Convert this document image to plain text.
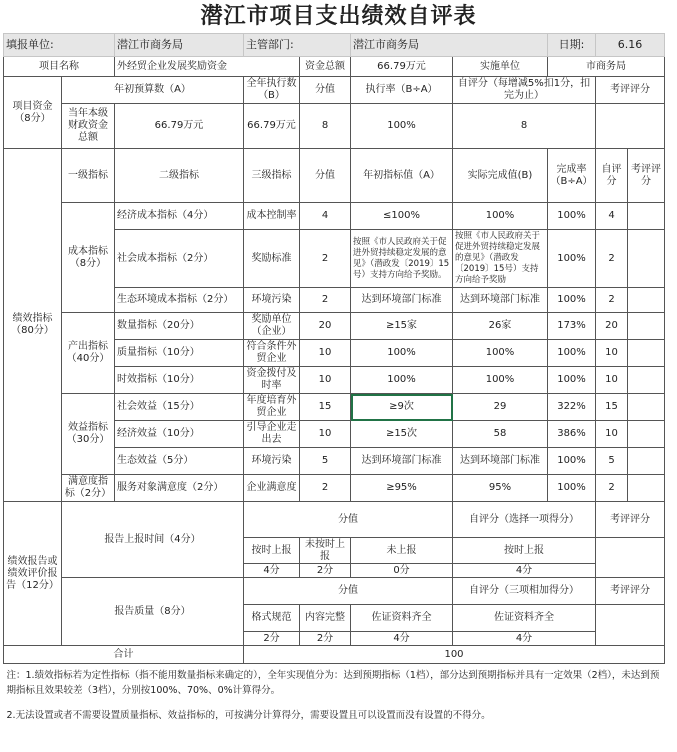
潜江市项目支出绩效自评表
填报单位:		潜江市商务局	主管部门:		潜江市商务局		日期:	6.16	
项目名称		外经贸企业发展奖励资金		资金总额	66.79万元	实施单位	市商务局		
项目资金（8分）	年初预算数（A）		全年执行数（B）	分值	执行率（B÷A）	自评分（每增减5%扣1分，扣完为止）		考评评分	
	当年本级财政资金总额	66.79万元	66.79万元	8	100%	8			
绩效指标（80分）	一级指标	二级指标	三级指标	分值	年初指标值（A）	实际完成值(B)	完成率（B÷A）	自评分	考评评分
	成本指标（8分）	经济成本指标（4分）	成本控制率	4	≤100%	100%	100%	4	
		社会成本指标（2分）	奖励标准	2	按照《市人民政府关于促进外贸持续稳定发展的意见》（潜政发〔2019〕15号）支持方向给予奖励。	按照《市人民政府关于促进外贸持续稳定发展的意见》（潜政发〔2019〕15号）支持方向给予奖励	100%	2	
		生态环境成本指标（2分）	环境污染	2	达到环境部门标准	达到环境部门标准	100%	2	
	产出指标（40分）	数量指标（20分）	奖励单位（企业）	20	≥15家	26家	173%	20	
		质量指标（10分）	符合条件外贸企业	10	100%	100%	100%	10	
		时效指标（10分）	资金拨付及时率	10	100%	100%	100%	10	
	效益指标（30分）	社会效益（15分）	年度培育外贸企业	15	≥9次	29	322%	15	
		经济效益（10分）	引导企业走出去	10	≥15次	58	386%	10	
		生态效益（5分）	环境污染	5	达到环境部门标准	达到环境部门标准	100%	5	
	满意度指标（2分）	服务对象满意度（2分）	企业满意度	2	≥95%	95%	100%	2	
绩效报告或绩效评价报告（12分）	报告上报时间（4分）		分值			自评分（选择一项得分）		考评评分	
			按时上报	未按时上报	未上报	按时上报			
			4分	2分	0分	4分			
	报告质量（8分）		分值			自评分（三项相加得分）		考评评分	
			格式规范	内容完整	佐证资料齐全	佐证资料齐全			
			2分	2分	4分	4分			
合计			100						
注：1.绩效指标若为定性指标（指不能用数量指标来确定的），全年实现值分为：达到预期指标（1档），部分达到预期指标并具有一定效果（2档），未达到预期指标且效果较差（3档），分别按100%、70%、0%计算得分。									
2.无法设置或者不需要设置质量指标、效益指标的，可按满分计算得分，需要设置且可以设置而没有设置的不得分。									
